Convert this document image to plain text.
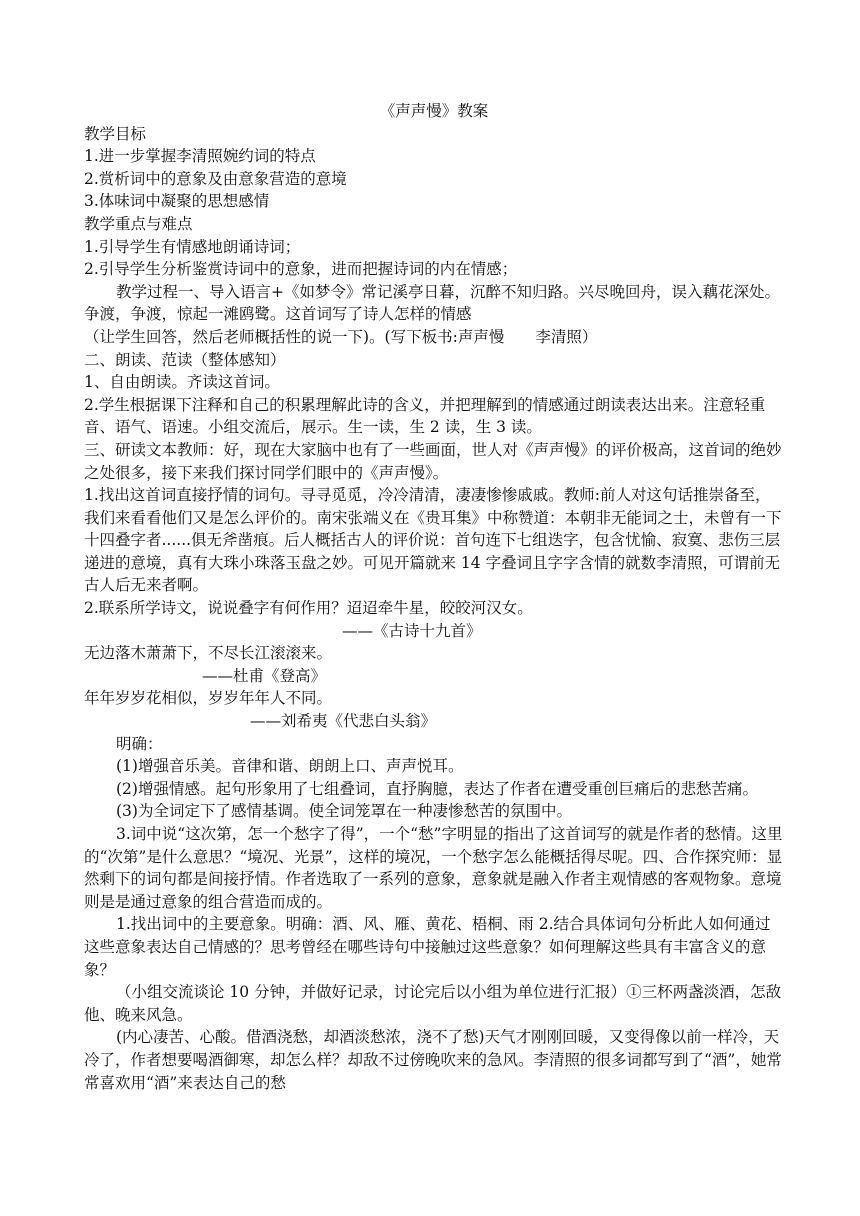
《声声慢》教案
教学目标
1.进一步掌握李清照婉约词的特点
2.赏析词中的意象及由意象营造的意境
3.体味词中凝聚的思想感情
教学重点与难点
1.引导学生有情感地朗诵诗词；
2.引导学生分析鉴赏诗词中的意象，进而把握诗词的内在情感；

教学过程一、导入语言+《如梦令》常记溪亭日暮，沉醉不知归路。兴尽晚回舟，误入藕花深处。争渡，争渡，惊起一滩鸥鹭。这首词写了诗人怎样的情感

（让学生回答，然后老师概括性的说一下)。(写下板书:声声慢　　李清照）
二、朗读、范读（整体感知）
1、自由朗读。齐读这首词。

2.学生根据课下注释和自己的积累理解此诗的含义，并把理解到的情感通过朗读表达出来。注意轻重音、语气、语速。小组交流后，展示。生一读，生 2 读，生 3 读。

三、研读文本教师：好，现在大家脑中也有了一些画面，世人对《声声慢》的评价极高，这首词的绝妙之处很多，接下来我们探讨同学们眼中的《声声慢》。

1.找出这首词直接抒情的词句。寻寻觅觅，冷冷清清，凄凄惨惨戚戚。教师:前人对这句话推崇备至，我们来看看他们又是怎么评价的。南宋张端义在《贵耳集》中称赞道：本朝非无能词之士，未曾有一下十四叠字者......俱无斧凿痕。后人概括古人的评价说：首句连下七组迭字，包含忧愉、寂寞、悲伤三层递进的意境，真有大珠小珠落玉盘之妙。可见开篇就来 14 字叠词且字字含情的就数李清照，可谓前无古人后无来者啊。

2.联系所学诗文，说说叠字有何作用？迢迢牵牛星，皎皎河汉女。
——《古诗十九首》
无边落木萧萧下，不尽长江滚滚来。
——杜甫《登高》
年年岁岁花相似，岁岁年年人不同。
——刘希夷《代悲白头翁》
明确：
(1)增强音乐美。音律和谐、朗朗上口、声声悦耳。

(2)增强情感。起句形象用了七组叠词，直抒胸臆，表达了作者在遭受重创巨痛后的悲愁苦痛。

(3)为全词定下了感情基调。使全词笼罩在一种凄惨愁苦的氛围中。

3.词中说“这次第，怎一个愁字了得”，一个“愁”字明显的指出了这首词写的就是作者的愁情。这里的“次第”是什么意思？“境况、光景”，这样的境况，一个愁字怎么能概括得尽呢。四、合作探究师：显然剩下的词句都是间接抒情。作者选取了一系列的意象，意象就是融入作者主观情感的客观物象。意境则是是通过意象的组合营造而成的。

1.找出词中的主要意象。明确：酒、风、雁、黄花、梧桐、雨 2.结合具体词句分析此人如何通过这些意象表达自己情感的？思考曾经在哪些诗句中接触过这些意象？如何理解这些具有丰富含义的意象？

（小组交流谈论 10 分钟，并做好记录，讨论完后以小组为单位进行汇报）①三杯两盏淡酒，怎敌他、晚来风急。

(内心凄苦、心酸。借酒浇愁，却酒淡愁浓，浇不了愁)天气才刚刚回暖，又变得像以前一样冷，天冷了，作者想要喝酒御寒，却怎么样？却敌不过傍晚吹来的急风。李清照的很多词都写到了“酒”，她常常喜欢用“酒”来表达自己的愁
